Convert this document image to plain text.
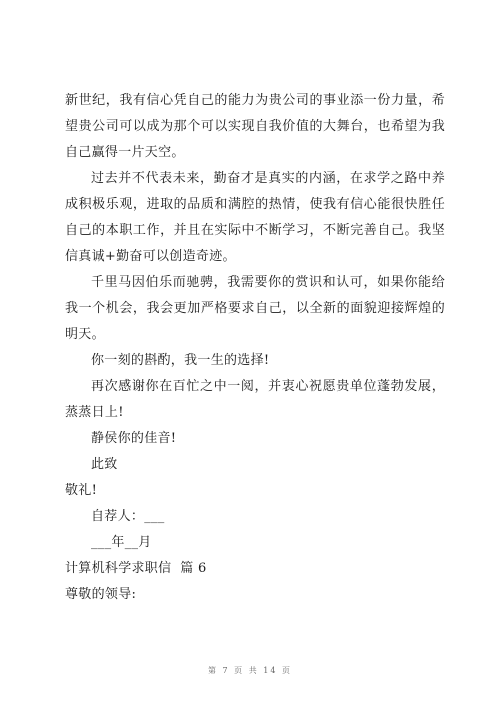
新世纪，我有信心凭自己的能力为贵公司的事业添一份力量，希望贵公司可以成为那个可以实现自我价值的大舞台，也希望为我自己赢得一片天空。

过去并不代表未来，勤奋才是真实的内涵，在求学之路中养成积极乐观，进取的品质和满腔的热情，使我有信心能很快胜任自己的本职工作，并且在实际中不断学习，不断完善自己。我坚信真诚+勤奋可以创造奇迹。

千里马因伯乐而驰骋，我需要你的赏识和认可，如果你能给我一个机会，我会更加严格要求自己，以全新的面貌迎接辉煌的明天。

你一刻的斟酌，我一生的选择!

再次感谢你在百忙之中一阅，并衷心祝愿贵单位蓬勃发展，蒸蒸日上!

静侯你的佳音!

此致

敬礼!

自荐人：___

___年__月

计算机科学求职信  篇 6

尊敬的领导:

第 7 页 共 14 页
